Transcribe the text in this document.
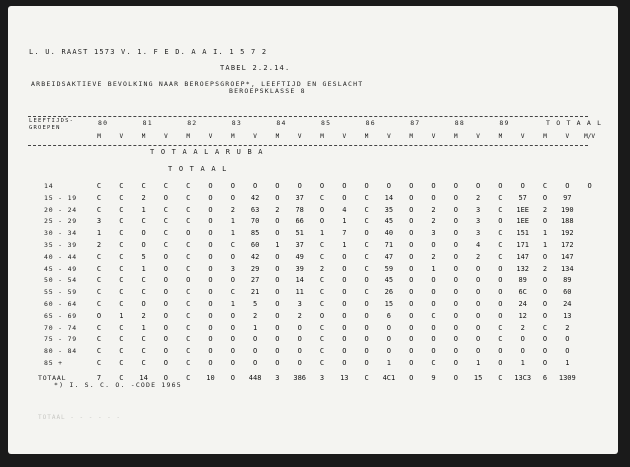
L. U. RAAST 1573 V. 1. F E D. A A I. 1 5 7 2
TABEL 2.2.14.
ARBEIDSAKTIEVE BEVOLKING NAAR BEROEPSGROEP*, LEEFTIJD EN GESLACHT
BEROEPSKLASSE 8
80	81	82	83	84	85	86	87	88	89	T O T A A L
M	V	M	V	M	V	M	V	M	V	M	V	M	V	M	V	M	V	M	V	M	V	M/V
T O T A A L A R U B A
T O T A A L
14	C	C	C	C	C	O	O	O	O	O	O	O	O	O	O	O	O	O	O	O	C	O	O
15 - 19	C	C	2	O	C	O	O	42	O	37	C	O	C	14	O	O	O	2	C	57	O	97
20 - 24	C	C	1	C	C	O	2	63	2	78	O	4	C	35	O	2	O	3	C	1EE	2	190
25 - 29	3	C	C	C	C	O	1	70	O	66	O	1	C	45	O	2	O	3	O	1EE	O	188
30 - 34	1	C	O	C	O	O	1	85	O	51	1	7	O	40	O	3	O	3	C	151	1	192
35 - 39	2	C	O	C	C	O	C	60	1	37	C	1	C	71	O	O	O	4	C	171	1	172
40 - 44	C	C	5	O	C	O	O	42	O	49	C	O	C	47	O	2	O	2	C	147	O	147
45 - 49	C	C	1	O	C	O	3	29	O	39	2	O	C	59	O	1	O	O	O	132	2	134
50 - 54	C	C	C	O	O	O	O	27	O	14	C	O	O	45	O	O	O	O	O	89	O	89
55 - 59	C	C	C	O	C	O	C	21	O	11	C	O	C	26	O	O	O	O	O	6C	O	60
60 - 64	C	C	O	O	C	O	1	5	O	3	C	O	O	15	O	O	O	O	O	24	O	24
65 - 69	O	1	2	O	C	O	O	2	O	2	O	O	O	6	O	C	O	O	O	12	O	13
70 - 74	C	C	1	O	C	O	O	1	O	O	C	O	O	O	O	O	O	O	C	2	C	2
75 - 79	C	C	C	O	C	O	O	O	O	O	C	O	O	O	O	O	O	O	C	O	O	O
80 - 84	C	C	C	O	C	O	O	O	O	O	C	O	O	O	O	O	O	O	O	O	O	O
85 +	C	C	C	O	C	O	O	O	O	O	C	O	O	1	O	C	O	1	O	1	O	1
TOTAAL	7	C	14	O	C	10	O	448	3	386	3	13	C	4C1	O	9	O	15	C	13C3	6	1309
*) I. S. C. O. -CODE 1965
TOTAAL - - - - - -
LEEFTIJDS-
GROEPEN
